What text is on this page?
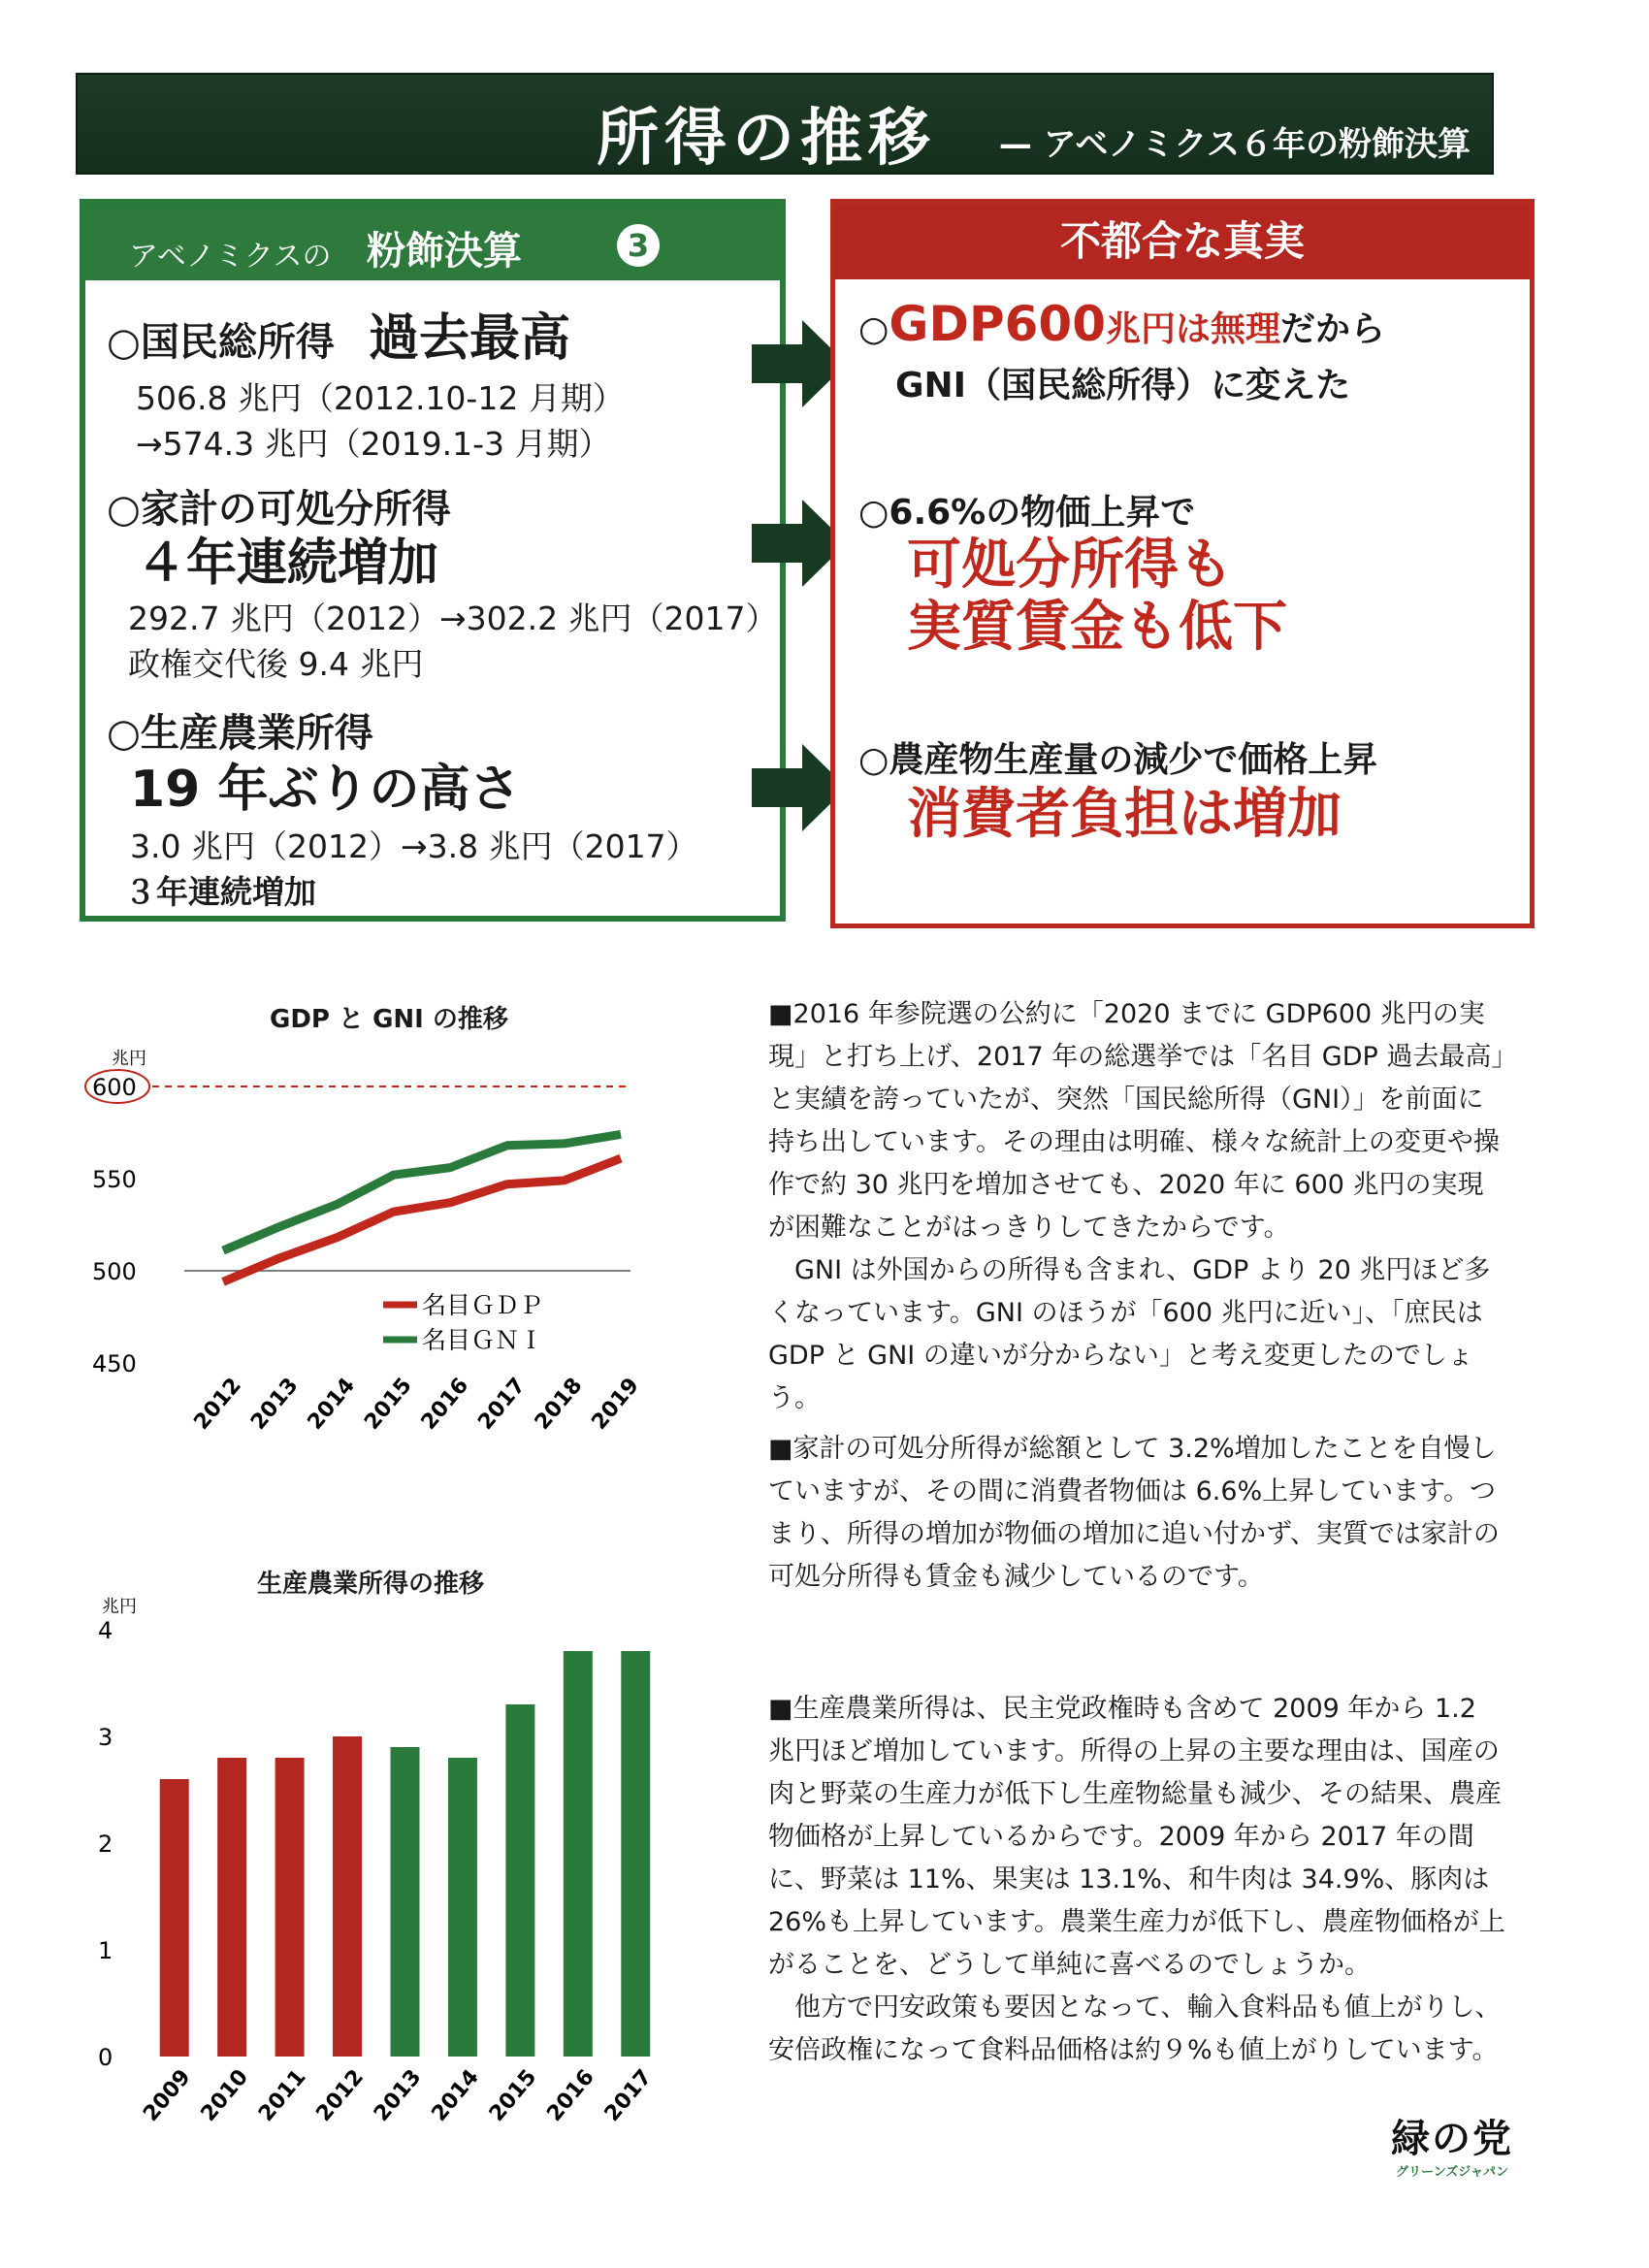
所得の推移 — アベノミクス６年の粉飾決算
アベノミクスの 粉飾決算	3
○国民総所得 過去最高
506.8 兆円（2012.10-12 月期）
→574.3 兆円（2019.1-3 月期）
○家計の可処分所得
４年連続増加
292.7 兆円（2012）→302.2 兆円（2017）
政権交代後 9.4 兆円
○生産農業所得
19 年ぶりの高さ
3.0 兆円（2012）→3.8 兆円（2017）
３年連続増加
不都合な真実
○GDP600兆円は無理だから
GNI（国民総所得）に変えた
○6.6%の物価上昇で
可処分所得も
実質賃金も低下
○農産物生産量の減少で価格上昇
消費者負担は増加
GDP と GNI の推移
兆円
450
500
550
600
名目ＧＤＰ
名目ＧＮＩ
2012 2013 2014 2015 2016 2017 2018 2019
生産農業所得の推移
兆円
0
1
2
3
4
2009 2010 2011 2012 2013 2014 2015 2016 2017

■2016 年参院選の公約に「2020 までに GDP600 兆円の実現」と打ち上げ、2017 年の総選挙では「名目 GDP 過去最高」と実績を誇っていたが、突然「国民総所得（GNI）」を前面に持ち出しています。その理由は明確、様々な統計上の変更や操作で約 30 兆円を増加させても、2020 年に 600 兆円の実現が困難なことがはっきりしてきたからです。

　GNI は外国からの所得も含まれ、GDP より 20 兆円ほど多くなっています。GNI のほうが「600 兆円に近い」、「庶民は GDP と GNI の違いが分からない」と考え変更したのでしょう。

■家計の可処分所得が総額として 3.2%増加したことを自慢していますが、その間に消費者物価は 6.6%上昇しています。つまり、所得の増加が物価の増加に追い付かず、実質では家計の可処分所得も賃金も減少しているのです。

■生産農業所得は、民主党政権時も含めて 2009 年から 1.2 兆円ほど増加しています。所得の上昇の主要な理由は、国産の肉と野菜の生産力が低下し生産物総量も減少、その結果、農産物価格が上昇しているからです。2009 年から 2017 年の間に、野菜は 11%、果実は 13.1%、和牛肉は 34.9%、豚肉は 26%も上昇しています。農業生産力が低下し、農産物価格が上がることを、どうして単純に喜べるのでしょうか。

　他方で円安政策も要因となって、輸入食料品も値上がりし、安倍政権になって食料品価格は約９%も値上がりしています。

緑の党
グリーンズジャパン
